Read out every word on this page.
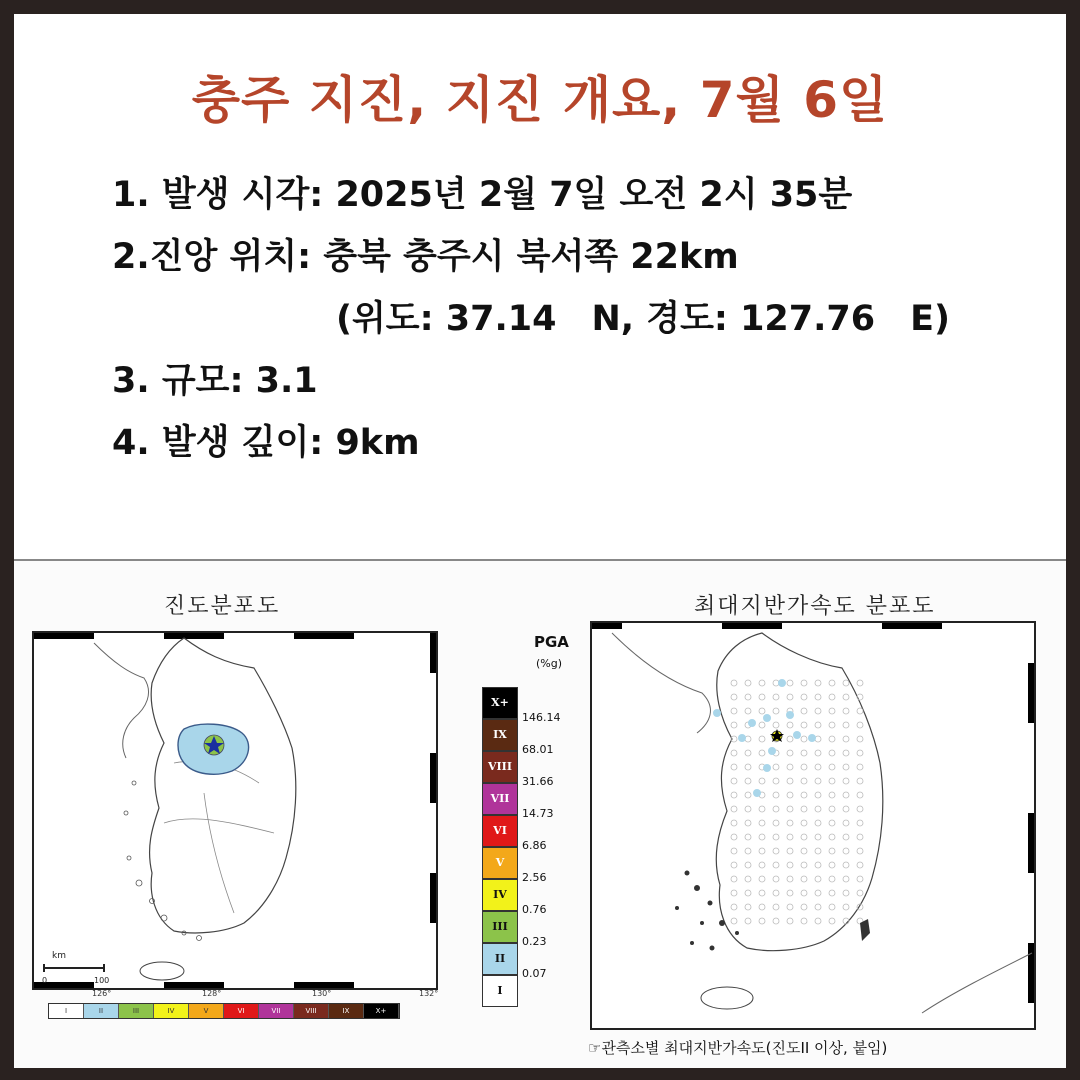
충주 지진, 지진 개요, 7월 6일
1. 발생 시각: 2025년 2월 7일 오전 2시 35분
2.진앙 위치: 충북 충주시 북서쪽 22km
(위도: 37.14　N, 경도: 127.76　E)
3. 규모: 3.1
4. 발생 깊이: 9km
진도분포도
km
0	100
126°	128°	130°	132°
I	II	III	IV	V	VI	VII	VIII	IX	X+
최대지반가속도 분포도
PGA
(%g)
X+
146.14
IX
68.01
VIII
31.66
VII
14.73
VI
6.86
V
2.56
IV
0.76
III
0.23
II
0.07
I
☞관측소별 최대지반가속도(진도II 이상, 붙임)
